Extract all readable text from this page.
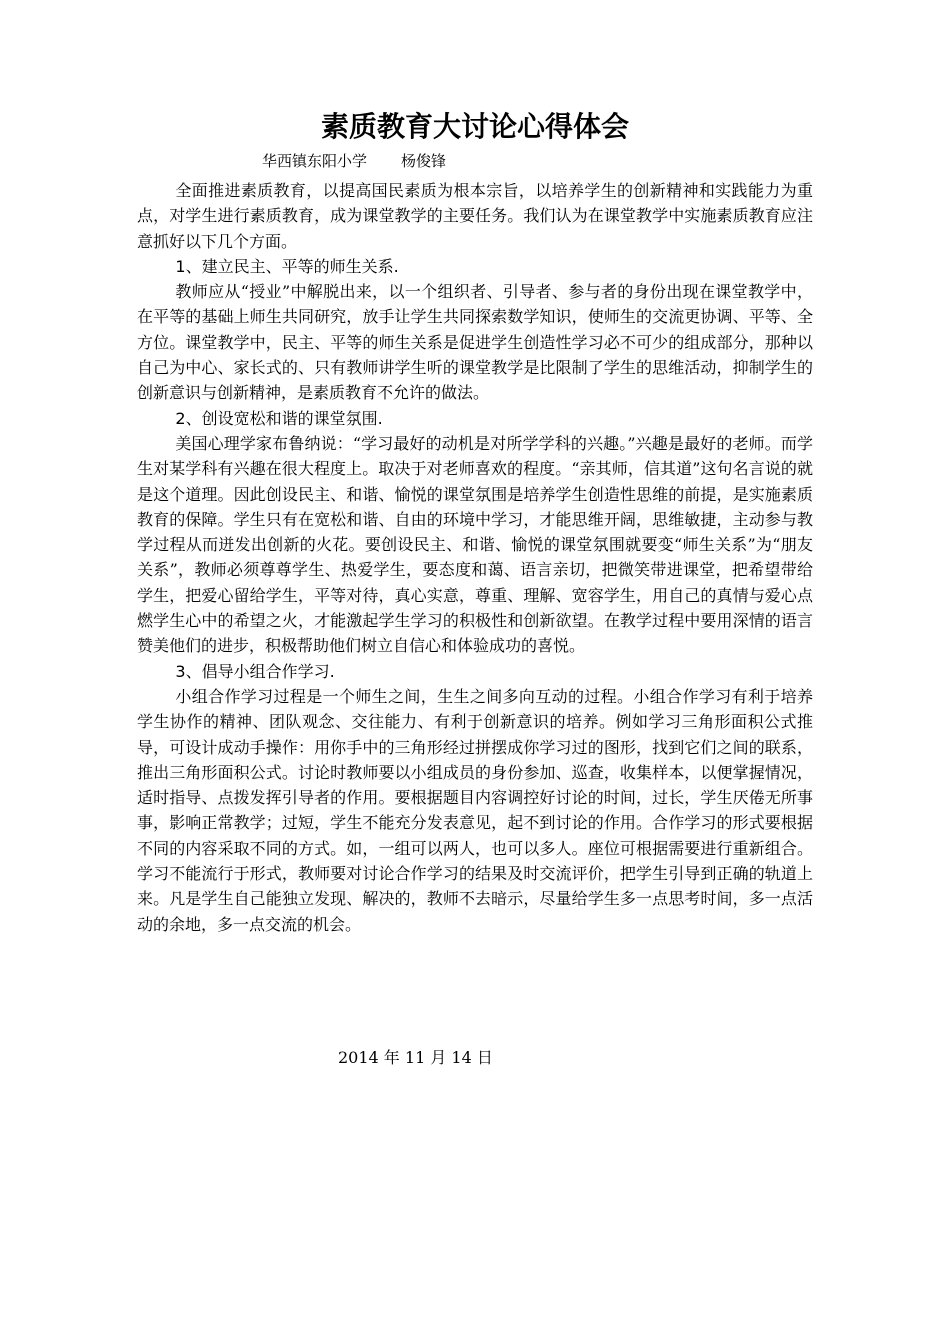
素质教育大讨论心得体会
华西镇东阳小学 杨俊锋

全面推进素质教育，以提高国民素质为根本宗旨，以培养学生的创新精神和实践能力为重点，对学生进行素质教育，成为课堂教学的主要任务。我们认为在课堂教学中实施素质教育应注意抓好以下几个方面。

1、建立民主、平等的师生关系.

教师应从“授业”中解脱出来，以一个组织者、引导者、参与者的身份出现在课堂教学中，在平等的基础上师生共同研究，放手让学生共同探索数学知识，使师生的交流更协调、平等、全方位。课堂教学中，民主、平等的师生关系是促进学生创造性学习必不可少的组成部分，那种以自己为中心、家长式的、只有教师讲学生听的课堂教学是比限制了学生的思维活动，抑制学生的创新意识与创新精神，是素质教育不允许的做法。

2、创设宽松和谐的课堂氛围.

美国心理学家布鲁纳说：“学习最好的动机是对所学学科的兴趣。”兴趣是最好的老师。而学生对某学科有兴趣在很大程度上。取决于对老师喜欢的程度。“亲其师，信其道”这句名言说的就是这个道理。因此创设民主、和谐、愉悦的课堂氛围是培养学生创造性思维的前提，是实施素质教育的保障。学生只有在宽松和谐、自由的环境中学习，才能思维开阔，思维敏捷，主动参与教学过程从而迸发出创新的火花。要创设民主、和谐、愉悦的课堂氛围就要变“师生关系”为“朋友关系”，教师必须尊尊学生、热爱学生，要态度和蔼、语言亲切，把微笑带进课堂，把希望带给学生，把爱心留给学生，平等对待，真心实意，尊重、理解、宽容学生，用自己的真情与爱心点燃学生心中的希望之火，才能激起学生学习的积极性和创新欲望。在教学过程中要用深情的语言赞美他们的进步，积极帮助他们树立自信心和体验成功的喜悦。

3、倡导小组合作学习.

小组合作学习过程是一个师生之间，生生之间多向互动的过程。小组合作学习有利于培养学生协作的精神、团队观念、交往能力、有利于创新意识的培养。例如学习三角形面积公式推导，可设计成动手操作：用你手中的三角形经过拼摆成你学习过的图形，找到它们之间的联系，推出三角形面积公式。讨论时教师要以小组成员的身份参加、巡查，收集样本，以便掌握情况，适时指导、点拨发挥引导者的作用。要根据题目内容调控好讨论的时间，过长，学生厌倦无所事事，影响正常教学；过短，学生不能充分发表意见，起不到讨论的作用。合作学习的形式要根据不同的内容采取不同的方式。如，一组可以两人，也可以多人。座位可根据需要进行重新组合。学习不能流行于形式，教师要对讨论合作学习的结果及时交流评价，把学生引导到正确的轨道上来。凡是学生自己能独立发现、解决的，教师不去暗示，尽量给学生多一点思考时间，多一点活动的余地，多一点交流的机会。

2014 年 11 月 14 日
